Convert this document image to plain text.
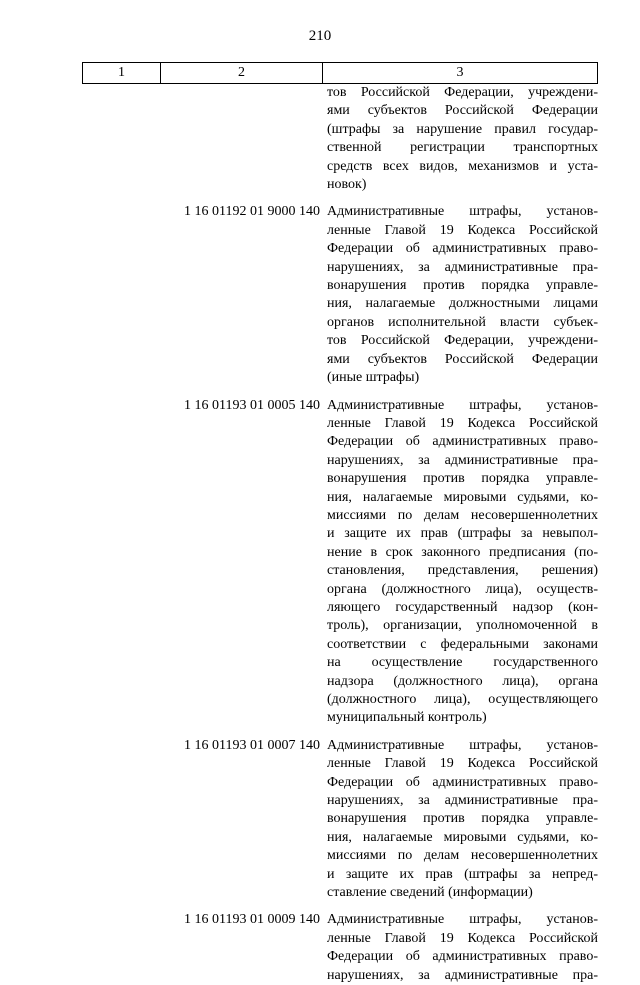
210
1	2	3
тов Российской Федерации, учреждени-
ями субъектов Российской Федерации
(штрафы за нарушение правил государ-
ственной регистрации транспортных
средств всех видов, механизмов и уста-
новок)
1 16 01192 01 9000 140 Административные штрафы, установ-
ленные Главой 19 Кодекса Российской
Федерации об административных право-
нарушениях, за административные пра-
вонарушения против порядка управле-
ния, налагаемые должностными лицами
органов исполнительной власти субъек-
тов Российской Федерации, учреждени-
ями субъектов Российской Федерации
(иные штрафы)
1 16 01193 01 0005 140 Административные штрафы, установ-
ленные Главой 19 Кодекса Российской
Федерации об административных право-
нарушениях, за административные пра-
вонарушения против порядка управле-
ния, налагаемые мировыми судьями, ко-
миссиями по делам несовершеннолетних
и защите их прав (штрафы за невыпол-
нение в срок законного предписания (по-
становления, представления, решения)
органа (должностного лица), осуществ-
ляющего государственный надзор (кон-
троль), организации, уполномоченной в
соответствии с федеральными законами
на осуществление государственного
надзора (должностного лица), органа
(должностного лица), осуществляющего
муниципальный контроль)
1 16 01193 01 0007 140 Административные штрафы, установ-
ленные Главой 19 Кодекса Российской
Федерации об административных право-
нарушениях, за административные пра-
вонарушения против порядка управле-
ния, налагаемые мировыми судьями, ко-
миссиями по делам несовершеннолетних
и защите их прав (штрафы за непред-
ставление сведений (информации)
1 16 01193 01 0009 140 Административные штрафы, установ-
ленные Главой 19 Кодекса Российской
Федерации об административных право-
нарушениях, за административные пра-
